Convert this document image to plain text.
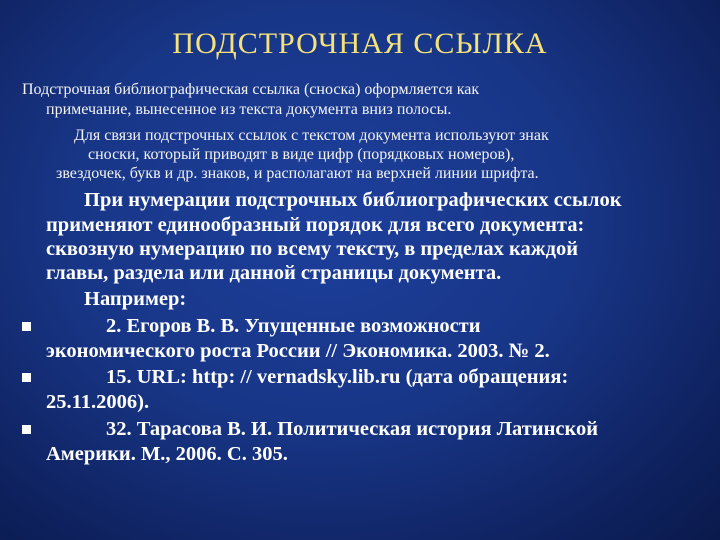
ПОДСТРОЧНАЯ ССЫЛКА
Подстрочная библиографическая ссылка (сноска) оформляется как
примечание, вынесенное из текста документа вниз полосы.
Для связи подстрочных ссылок с текстом документа используют знак
сноски, который приводят в виде цифр (порядковых номеров),
звездочек, букв и др. знаков, и располагают на верхней линии шрифта.
При нумерации подстрочных библиографических ссылок
применяют единообразный порядок для всего документа:
сквозную нумерацию по всему тексту, в пределах каждой
главы, раздела или данной страницы документа.
Например:
2. Егоров В. В. Упущенные возможности
экономического роста России // Экономика. 2003. № 2.
15. URL: http: // vernadsky.lib.ru (дата обращения:
25.11.2006).
32. Тарасова В. И. Политическая история Латинской
Америки. М., 2006. С. 305.
